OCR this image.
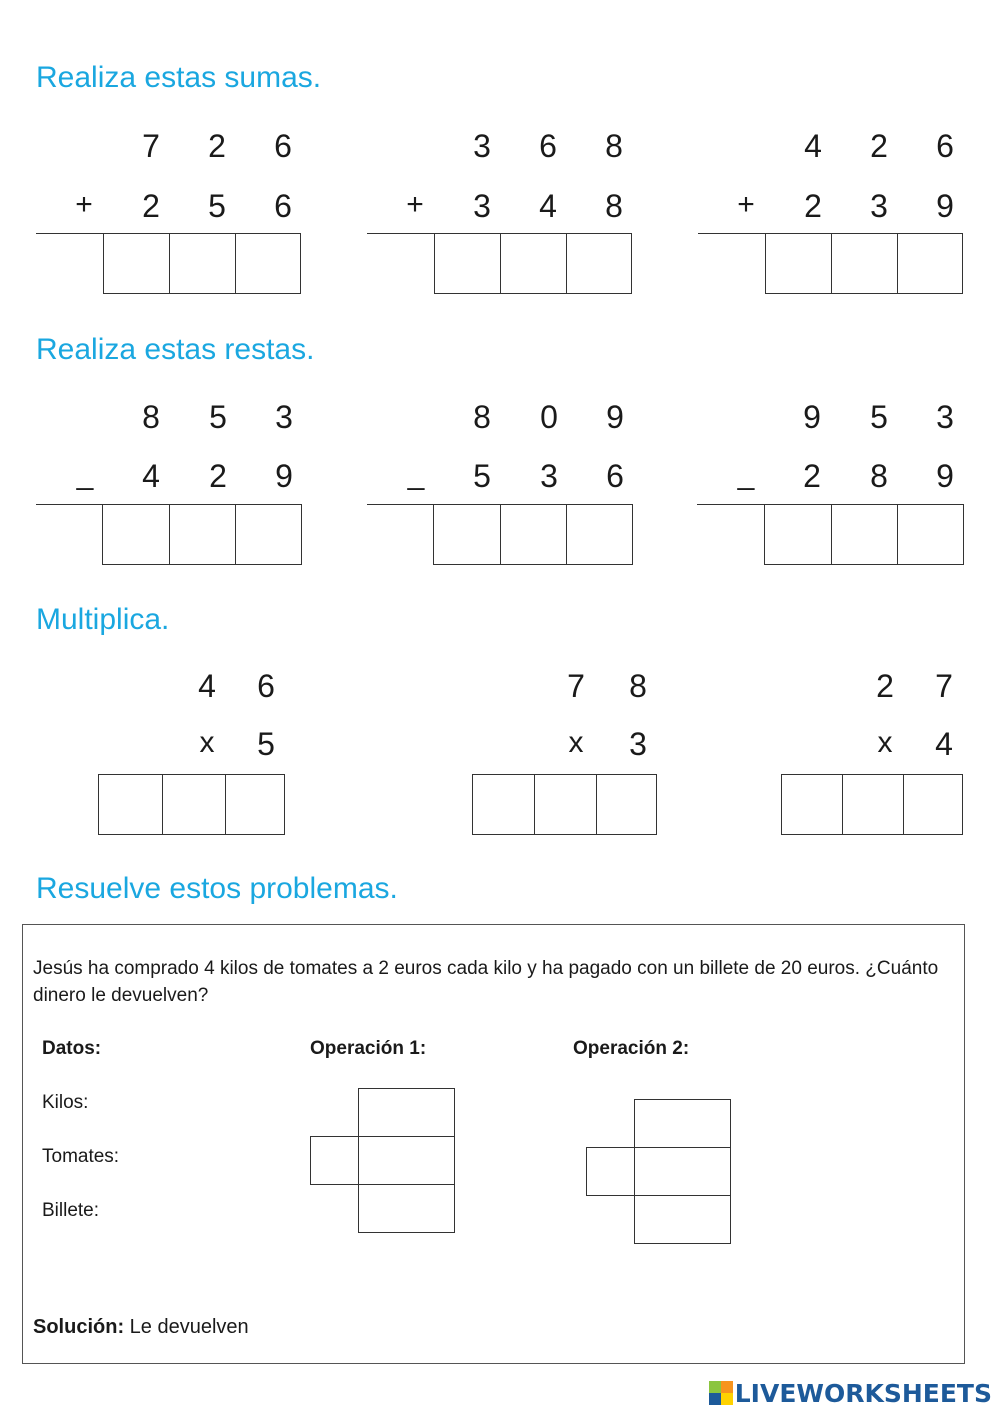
Realiza estas sumas.
Realiza estas restas.
Multiplica.
Resuelve estos problemas.
7	2	6
+	2	5	6
3	6	8
+	3	4	8
4	2	6
+	2	3	9
8	5	3
_	4	2	9
8	0	9
_	5	3	6
9	5	3
_	2	8	9
4	6
x	5
7	8
x	3
2	7
x	4

Jesús ha comprado 4 kilos de tomates a 2 euros cada kilo y ha pagado con un billete de 20 euros. ¿Cuánto dinero le devuelven?

Datos:	Operación 1:	Operación 2:
Kilos:
Tomates:
Billete:
Solución: Le devuelven
LIVEWORKSHEETS
